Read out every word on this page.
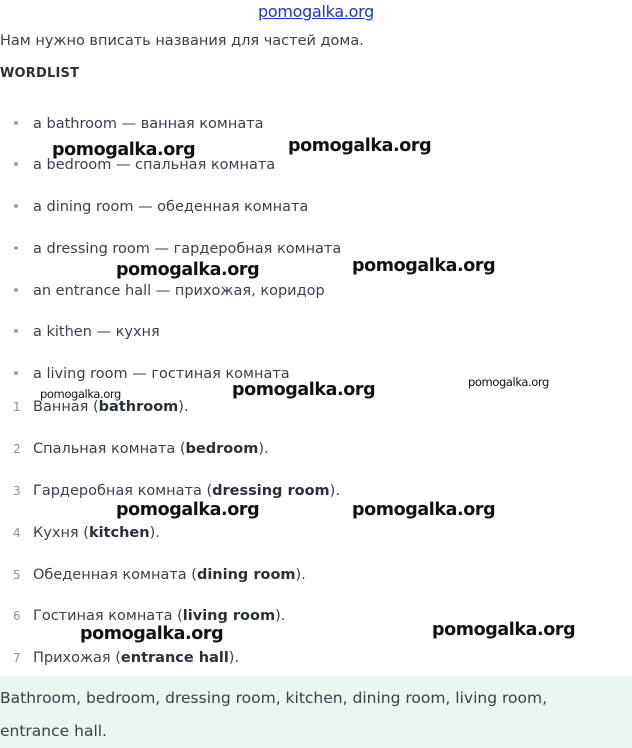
pomogalka.org
Нам нужно вписать названия для частей дома.
WORDLIST
a bathroom — ванная комната
a bedroom — спальная комната
a dining room — обеденная комната
a dressing room — гардеробная комната
an entrance hall — прихожая, коридор
a kithen — кухня
a living room — гостиная комната
1 Ванная (bathroom).
2 Спальная комната (bedroom).
3 Гардеробная комната (dressing room).
4 Кухня (kitchen).
5 Обеденная комната (dining room).
6 Гостиная комната (living room).
7 Прихожая (entrance hall).
Bathroom, bedroom, dressing room, kitchen, dining room, living room, entrance hall.
pomogalka.org	pomogalka.org
pomogalka.org	pomogalka.org
pomogalka.org	pomogalka.org	pomogalka.org
pomogalka.org	pomogalka.org
pomogalka.org	pomogalka.org
